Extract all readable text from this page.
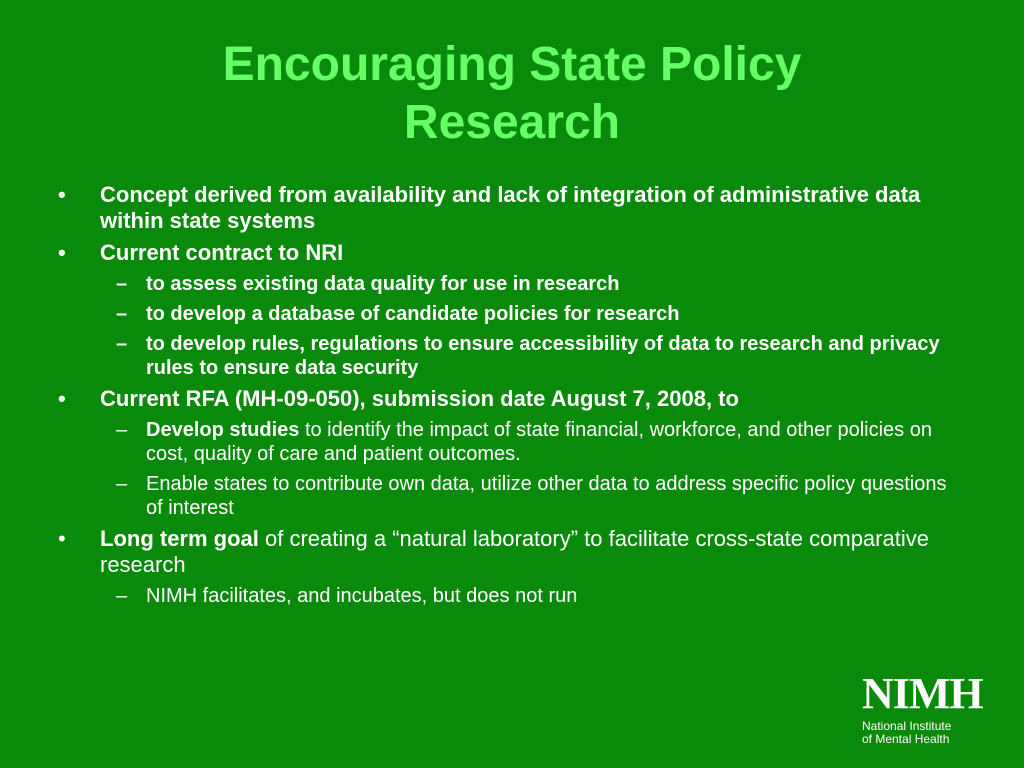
Encouraging State Policy
Research
• Concept derived from availability and lack of integration of administrative data within state systems
• Current contract to NRI
– to assess existing data quality for use in research
– to develop a database of candidate policies for research
– to develop rules, regulations to ensure accessibility of data to research and privacy rules to ensure data security
• Current RFA (MH-09-050), submission date August 7, 2008, to
– Develop studies to identify the impact of state financial, workforce, and other policies on cost, quality of care and patient outcomes.
– Enable states to contribute own data, utilize other data to address specific policy questions of interest
• Long term goal of creating a “natural laboratory” to facilitate cross-state comparative research
– NIMH facilitates, and incubates, but does not run
NIMH
National Institute
of Mental Health
